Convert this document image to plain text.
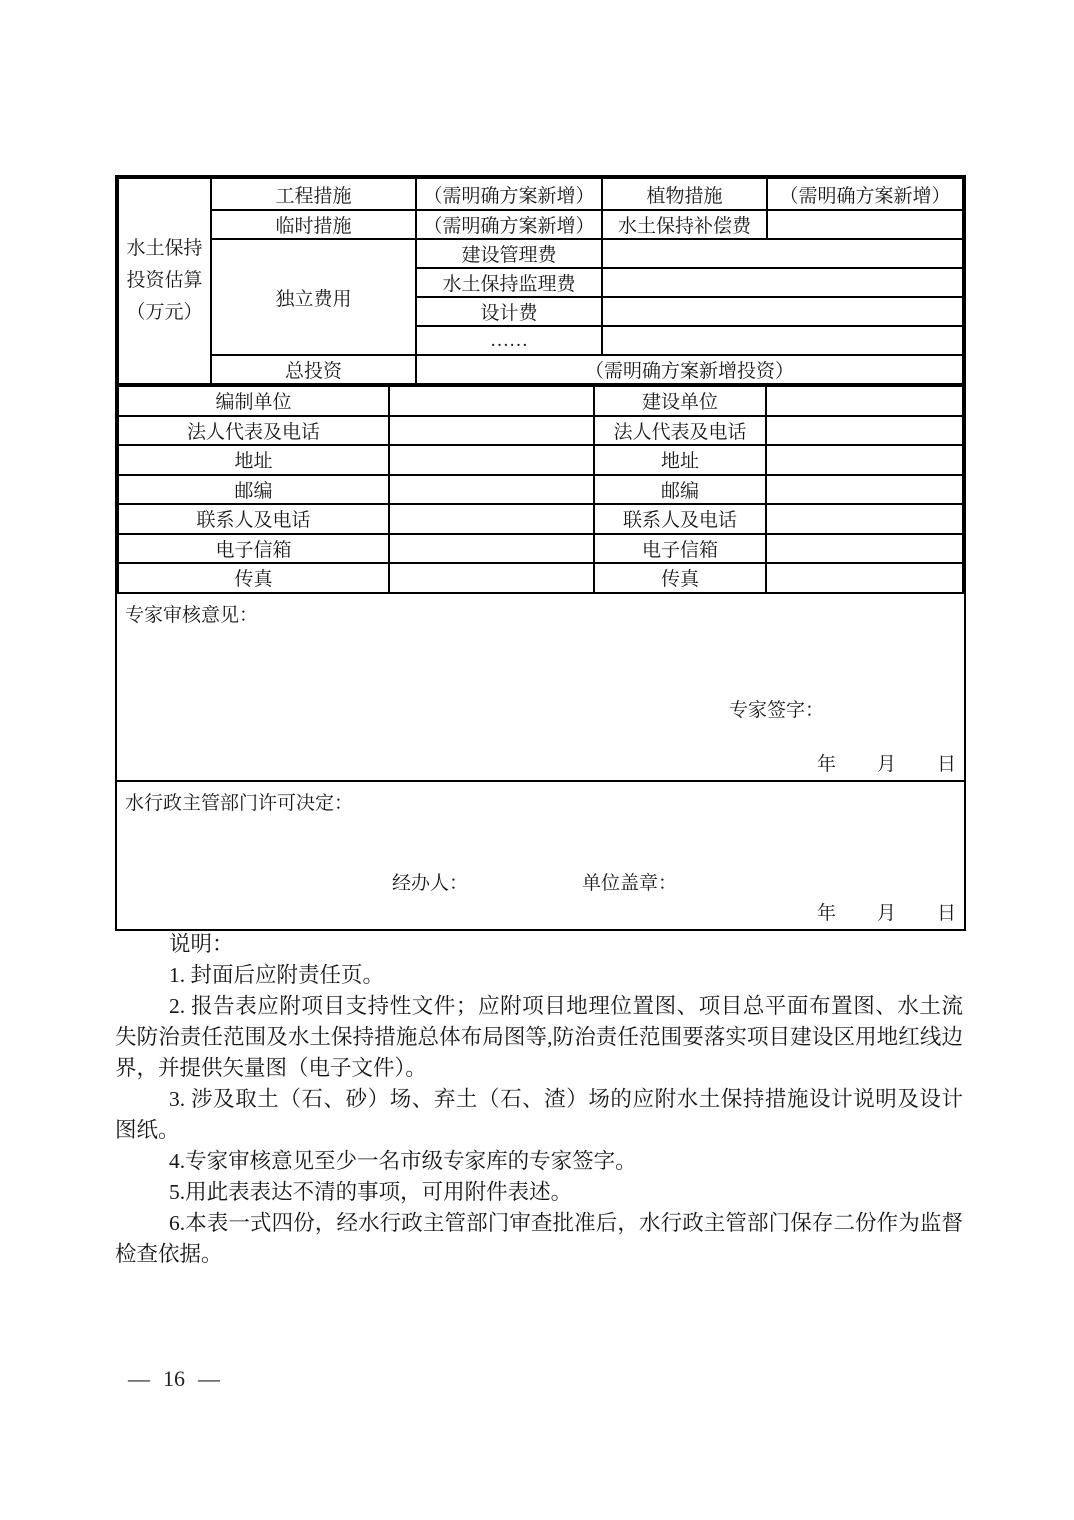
水土保持
投资估算
（万元）	工程措施	（需明确方案新增）	植物措施	（需明确方案新增）
	临时措施	（需明确方案新增）	水土保持补偿费	
	独立费用	建设管理费		
		水土保持监理费		
		设计费		
		……		
	总投资	（需明确方案新增投资）		
编制单位		建设单位	
法人代表及电话		法人代表及电话	
地址		地址	
邮编		邮编	
联系人及电话		联系人及电话	
电子信箱		电子信箱	
传真		传真	
专家审核意见：
专家签字：
年 月 日
水行政主管部门许可决定：
经办人：	单位盖章：
年 月 日

说明：

1. 封面后应附责任页。

2. 报告表应附项目支持性文件；应附项目地理位置图、项目总平面布置图、水土流失防治责任范围及水土保持措施总体布局图等,防治责任范围要落实项目建设区用地红线边界，并提供矢量图（电子文件）。

3. 涉及取土（石、砂）场、弃土（石、渣）场的应附水土保持措施设计说明及设计图纸。

4.专家审核意见至少一名市级专家库的专家签字。

5.用此表表达不清的事项，可用附件表述。

6.本表一式四份，经水行政主管部门审查批准后，水行政主管部门保存二份作为监督检查依据。

— 16 —
